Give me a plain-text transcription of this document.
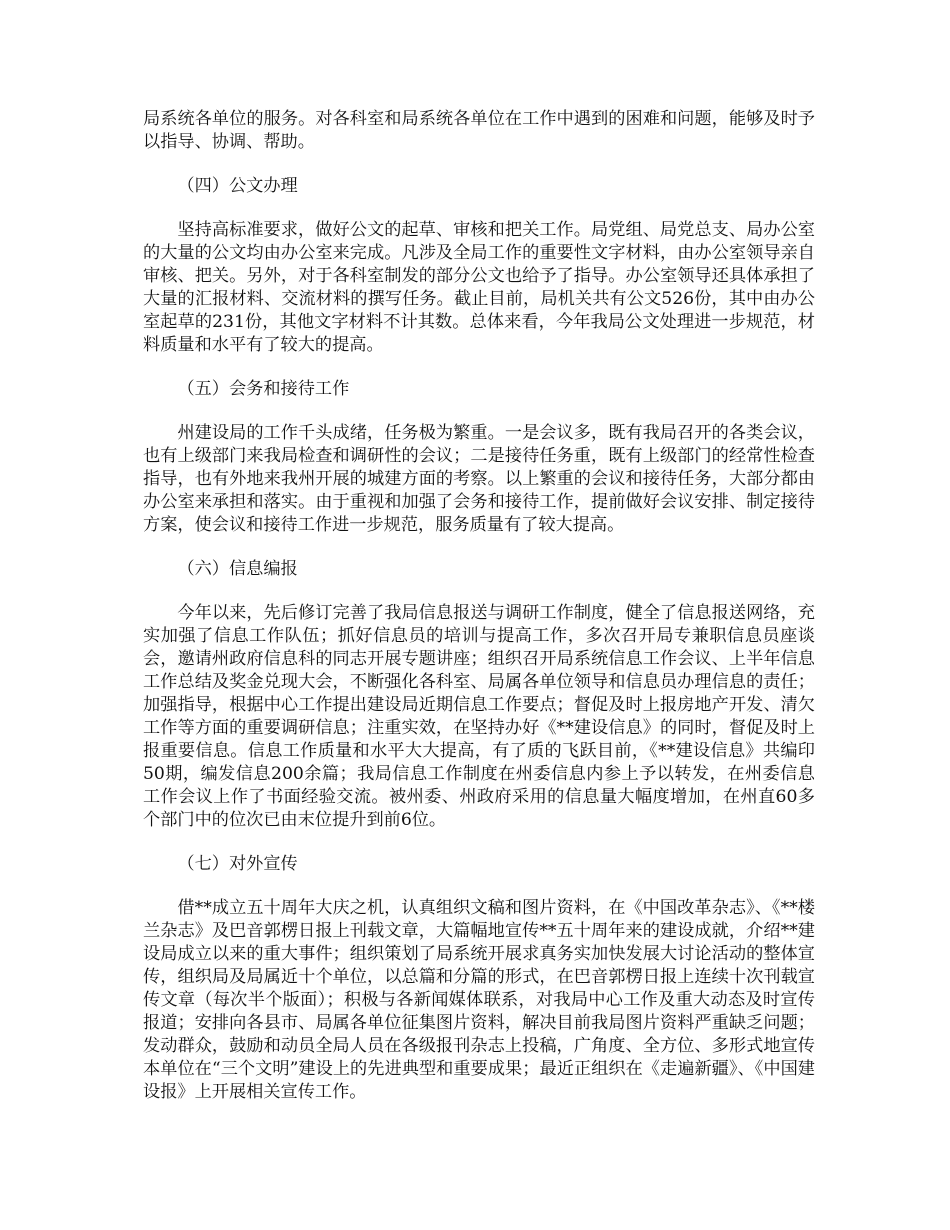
局系统各单位的服务。对各科室和局系统各单位在工作中遇到的困难和问题，能够及时予以指导、协调、帮助。

（四）公文办理

坚持高标准要求，做好公文的起草、审核和把关工作。局党组、局党总支、局办公室的大量的公文均由办公室来完成。凡涉及全局工作的重要性文字材料，由办公室领导亲自审核、把关。另外，对于各科室制发的部分公文也给予了指导。办公室领导还具体承担了大量的汇报材料、交流材料的撰写任务。截止目前，局机关共有公文526份，其中由办公室起草的231份，其他文字材料不计其数。总体来看，今年我局公文处理进一步规范，材料质量和水平有了较大的提高。

（五）会务和接待工作

州建设局的工作千头成绪，任务极为繁重。一是会议多，既有我局召开的各类会议，也有上级部门来我局检查和调研性的会议；二是接待任务重，既有上级部门的经常性检查指导，也有外地来我州开展的城建方面的考察。以上繁重的会议和接待任务，大部分都由办公室来承担和落实。由于重视和加强了会务和接待工作，提前做好会议安排、制定接待方案，使会议和接待工作进一步规范，服务质量有了较大提高。

（六）信息编报

今年以来，先后修订完善了我局信息报送与调研工作制度，健全了信息报送网络，充实加强了信息工作队伍；抓好信息员的培训与提高工作，多次召开局专兼职信息员座谈会，邀请州政府信息科的同志开展专题讲座；组织召开局系统信息工作会议、上半年信息工作总结及奖金兑现大会，不断强化各科室、局属各单位领导和信息员办理信息的责任；加强指导，根据中心工作提出建设局近期信息工作要点；督促及时上报房地产开发、清欠工作等方面的重要调研信息；注重实效，在坚持办好《**建设信息》的同时，督促及时上报重要信息。信息工作质量和水平大大提高，有了质的飞跃目前，《**建设信息》共编印50期，编发信息200余篇；我局信息工作制度在州委信息内参上予以转发，在州委信息工作会议上作了书面经验交流。被州委、州政府采用的信息量大幅度增加，在州直60多个部门中的位次已由末位提升到前6位。

（七）对外宣传

借**成立五十周年大庆之机，认真组织文稿和图片资料，在《中国改革杂志》、《**楼兰杂志》及巴音郭楞日报上刊载文章，大篇幅地宣传**五十周年来的建设成就，介绍**建设局成立以来的重大事件；组织策划了局系统开展求真务实加快发展大讨论活动的整体宣传，组织局及局属近十个单位，以总篇和分篇的形式，在巴音郭楞日报上连续十次刊载宣传文章（每次半个版面）；积极与各新闻媒体联系，对我局中心工作及重大动态及时宣传报道；安排向各县市、局属各单位征集图片资料，解决目前我局图片资料严重缺乏问题；发动群众，鼓励和动员全局人员在各级报刊杂志上投稿，广角度、全方位、多形式地宣传本单位在“三个文明”建设上的先进典型和重要成果；最近正组织在《走遍新疆》、《中国建设报》上开展相关宣传工作。
